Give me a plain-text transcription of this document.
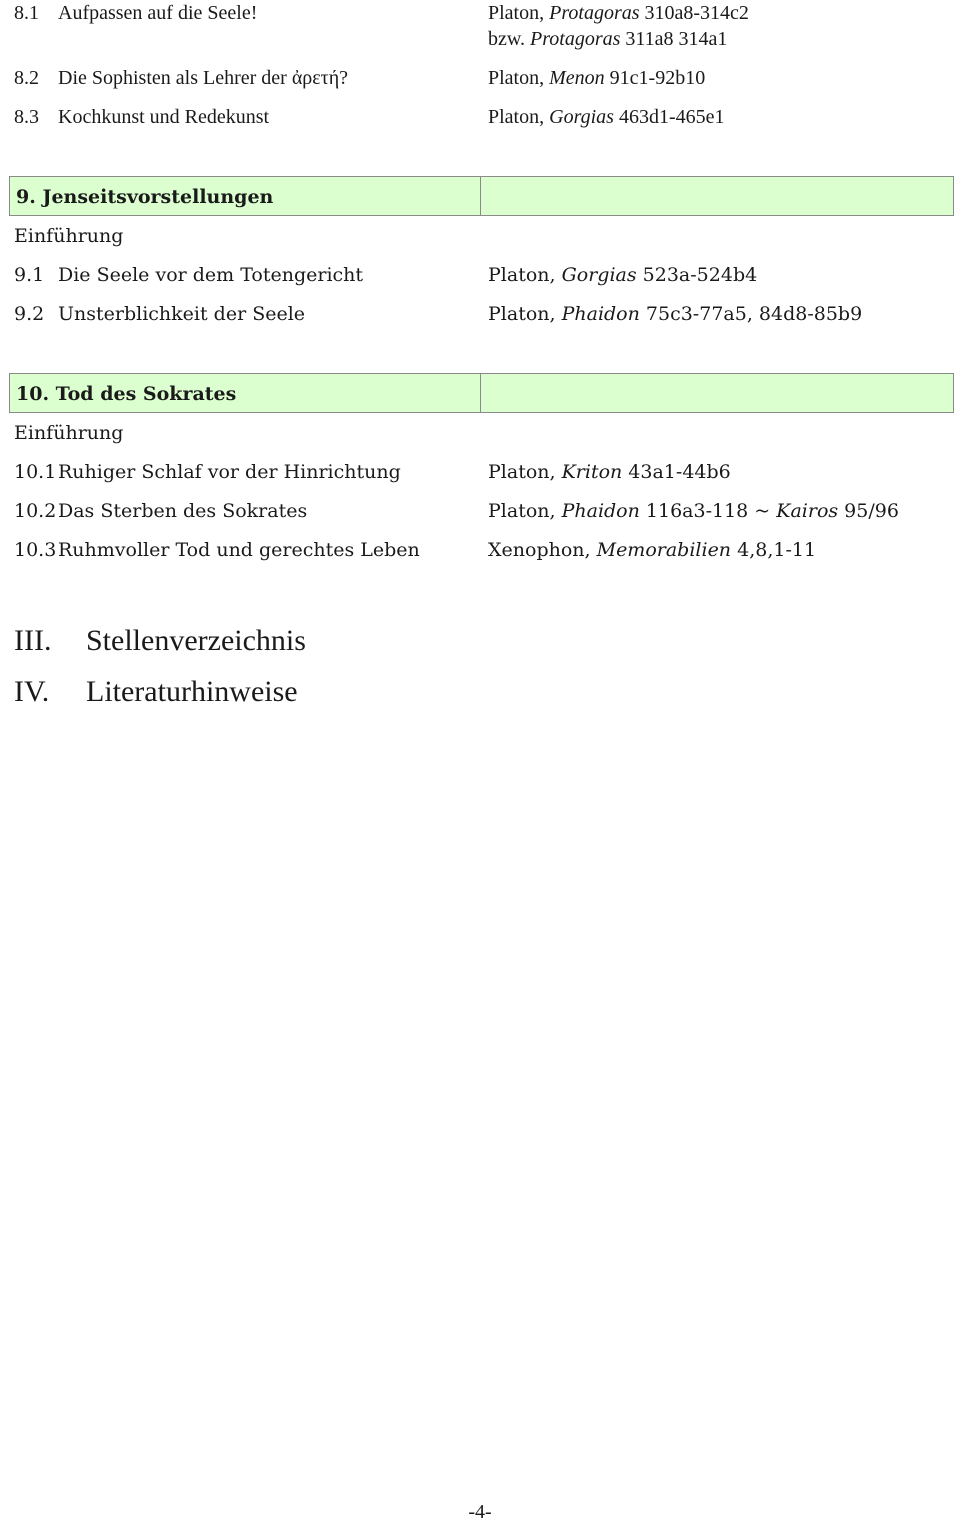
8.1 Aufpassen auf die Seele!	Platon, Protagoras 310a8-314c2
bzw. Protagoras 311a8 314a1
8.2 Die Sophisten als Lehrer der ἀρετή?	Platon, Menon 91c1-92b10
8.3 Kochkunst und Redekunst	Platon, Gorgias 463d1-465e1
9. Jenseitsvorstellungen
Einführung
9.1 Die Seele vor dem Totengericht	Platon, Gorgias 523a-524b4
9.2 Unsterblichkeit der Seele	Platon, Phaidon 75c3-77a5, 84d8-85b9
10. Tod des Sokrates
Einführung
10.1 Ruhiger Schlaf vor der Hinrichtung	Platon, Kriton 43a1-44b6
10.2 Das Sterben des Sokrates	Platon, Phaidon 116a3-118 ~ Kairos 95/96
10.3 Ruhmvoller Tod und gerechtes Leben	Xenophon, Memorabilien 4,8,1-11
III. Stellenverzeichnis
IV. Literaturhinweise
-4-
